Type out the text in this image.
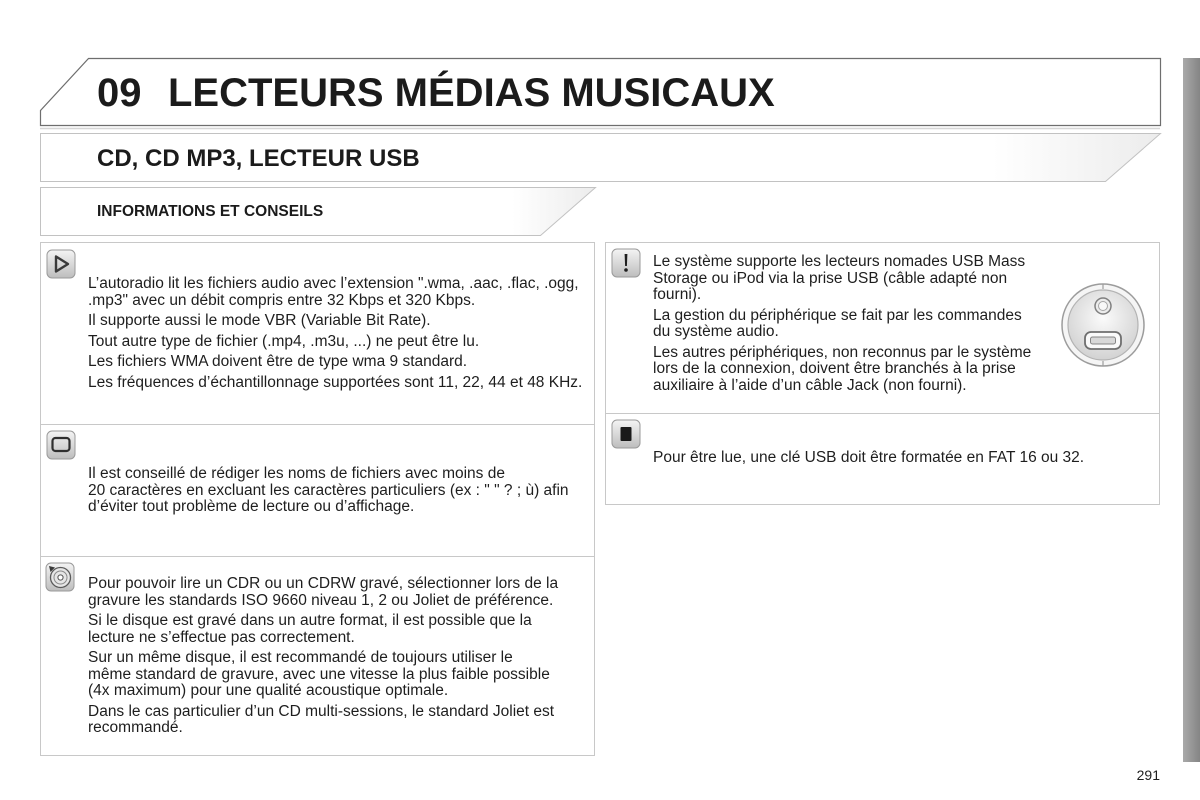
09 LECTEURS MÉDIAS MUSICAUX
CD, CD MP3, LECTEUR USB
INFORMATIONS ET CONSEILS

L’autoradio lit les fichiers audio avec l’extension ".wma, .aac, .flac, .ogg,
.mp3" avec un débit compris entre 32 Kbps et 320 Kbps.

Il supporte aussi le mode VBR (Variable Bit Rate).

Tout autre type de fichier (.mp4, .m3u, ...) ne peut être lu.

Les fichiers WMA doivent être de type wma 9 standard.

Les fréquences d’échantillonnage supportées sont 11, 22, 44 et 48 KHz.

Il est conseillé de rédiger les noms de fichiers avec moins de
20 caractères en excluant les caractères particuliers (ex : " " ? ; ù) afin
d’éviter tout problème de lecture ou d’affichage.

Pour pouvoir lire un CDR ou un CDRW gravé, sélectionner lors de la
gravure les standards ISO 9660 niveau 1, 2 ou Joliet de préférence.

Si le disque est gravé dans un autre format, il est possible que la
lecture ne s’effectue pas correctement.

Sur un même disque, il est recommandé de toujours utiliser le
même standard de gravure, avec une vitesse la plus faible possible
(4x maximum) pour une qualité acoustique optimale.

Dans le cas particulier d’un CD multi-sessions, le standard Joliet est
recommandé.

Le système supporte les lecteurs nomades USB Mass
Storage ou iPod via la prise USB (câble adapté non
fourni).

La gestion du périphérique se fait par les commandes
du système audio.

Les autres périphériques, non reconnus par le système
lors de la connexion, doivent être branchés à la prise
auxiliaire à l’aide d’un câble Jack (non fourni).

Pour être lue, une clé USB doit être formatée en FAT 16 ou 32.

291
